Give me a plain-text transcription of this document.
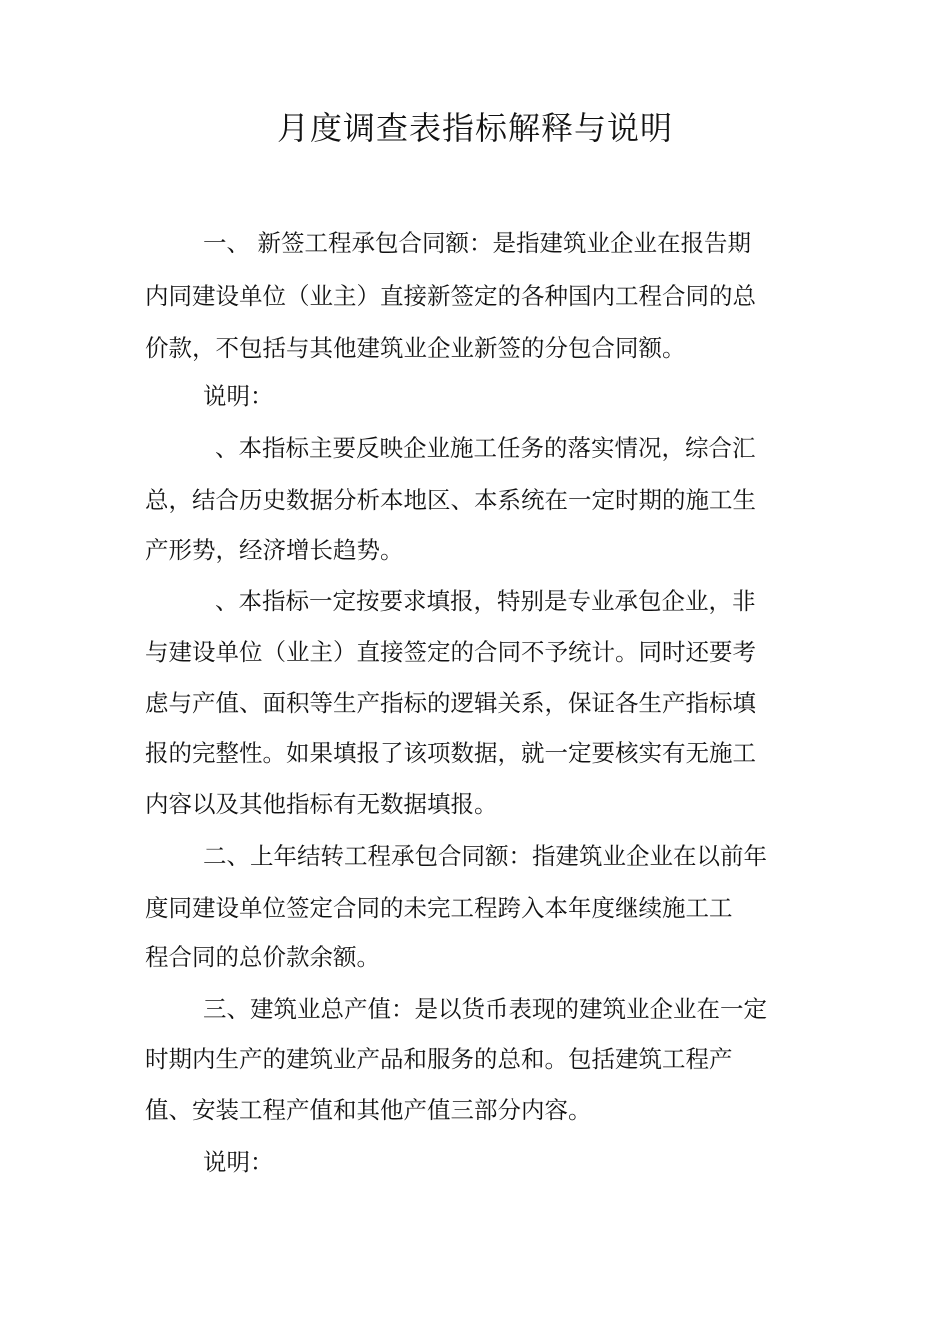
月度调查表指标解释与说明
一、 新签工程承包合同额：是指建筑业企业在报告期
内同建设单位（业主）直接新签定的各种国内工程合同的总
价款，不包括与其他建筑业企业新签的分包合同额。
说明：
、本指标主要反映企业施工任务的落实情况，综合汇
总，结合历史数据分析本地区、本系统在一定时期的施工生
产形势，经济增长趋势。
、本指标一定按要求填报，特别是专业承包企业，非
与建设单位（业主）直接签定的合同不予统计。同时还要考
虑与产值、面积等生产指标的逻辑关系，保证各生产指标填
报的完整性。如果填报了该项数据，就一定要核实有无施工
内容以及其他指标有无数据填报。
二、上年结转工程承包合同额：指建筑业企业在以前年
度同建设单位签定合同的未完工程跨入本年度继续施工工
程合同的总价款余额。
三、建筑业总产值：是以货币表现的建筑业企业在一定
时期内生产的建筑业产品和服务的总和。包括建筑工程产
值、安装工程产值和其他产值三部分内容。
说明：
